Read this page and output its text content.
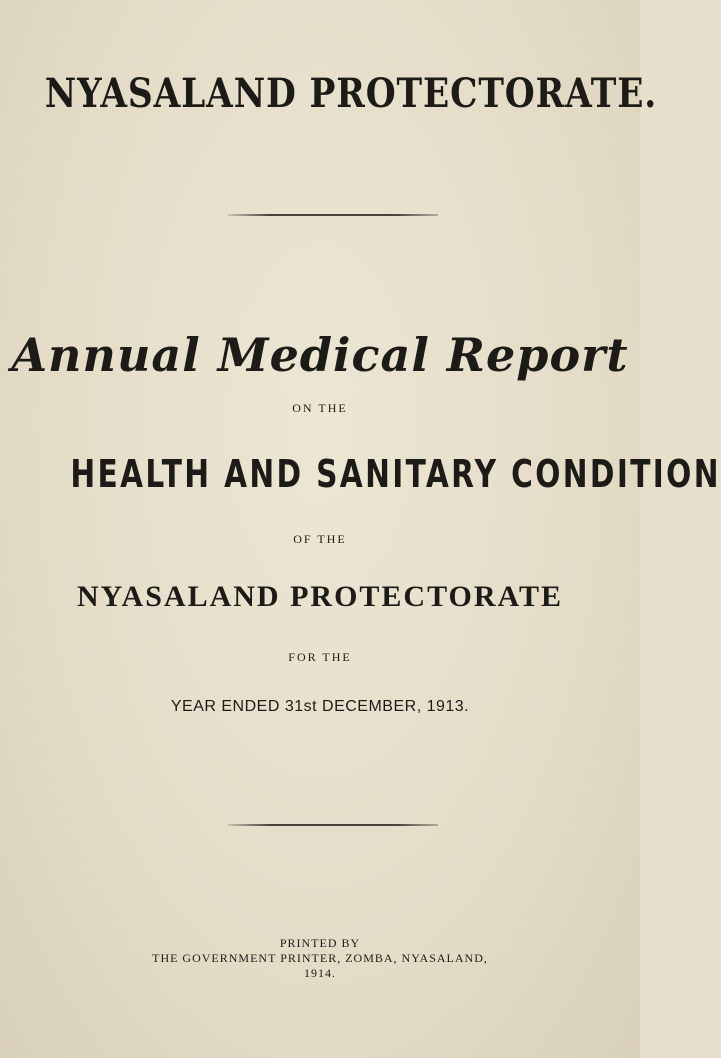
NYASALAND PROTECTORATE.
Annual Medical Report
ON THE
HEALTH AND SANITARY CONDITION
OF THE
NYASALAND PROTECTORATE
FOR THE
YEAR ENDED 31st DECEMBER, 1913.
PRINTED BY
THE GOVERNMENT PRINTER, ZOMBA, NYASALAND,
1914.
